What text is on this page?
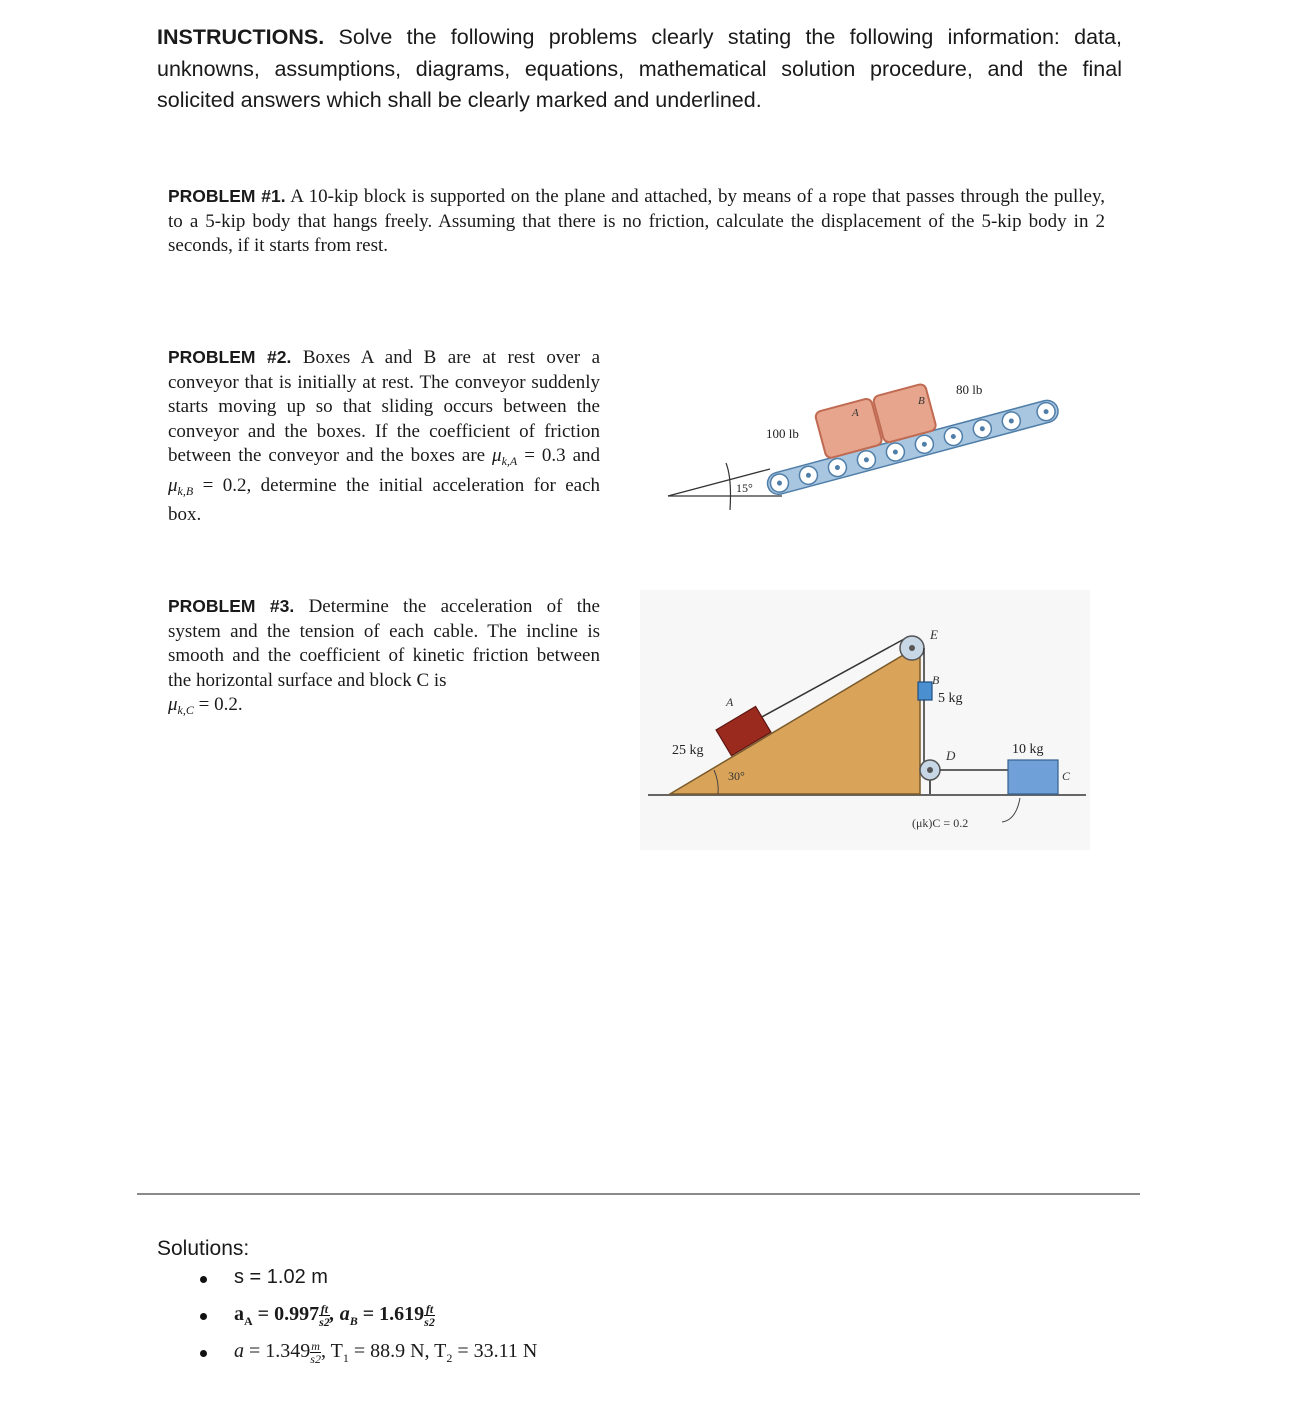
INSTRUCTIONS. Solve the following problems clearly stating the following information: data, unknowns, assumptions, diagrams, equations, mathematical solution procedure, and the final solicited answers which shall be clearly marked and underlined.
PROBLEM #1. A 10-kip block is supported on the plane and attached, by means of a rope that passes through the pulley, to a 5-kip body that hangs freely. Assuming that there is no friction, calculate the displacement of the 5-kip body in 2 seconds, if it starts from rest.
PROBLEM #2. Boxes A and B are at rest over a conveyor that is initially at rest. The conveyor suddenly starts moving up so that sliding occurs between the conveyor and the boxes. If the coefficient of friction between the conveyor and the boxes are $\mu_{k,A} = 0.3$ and $\mu_{k,B} = 0.2$, determine the initial acceleration for each box.
15°
A
B
100 lb
80 lb
PROBLEM #3. Determine the acceleration of the system and the tension of each cable. The incline is smooth and the coefficient of kinetic friction between the horizontal surface and block C is
$\mu_{k,C} = 0.2$.
30°
A
25 kg
E
B
5 kg
D
C
10 kg
(μk)C = 0.2
Solutions:
s = 1.02 m
$a_A = 0.997 \frac{ft}{s2}$ , $a_B = 1.619 \frac{ft}{s2}$
$a = 1.349 \frac{m}{s2}$ , $T_1 = 88.9$ N, $T_2 = 33.11$ N
